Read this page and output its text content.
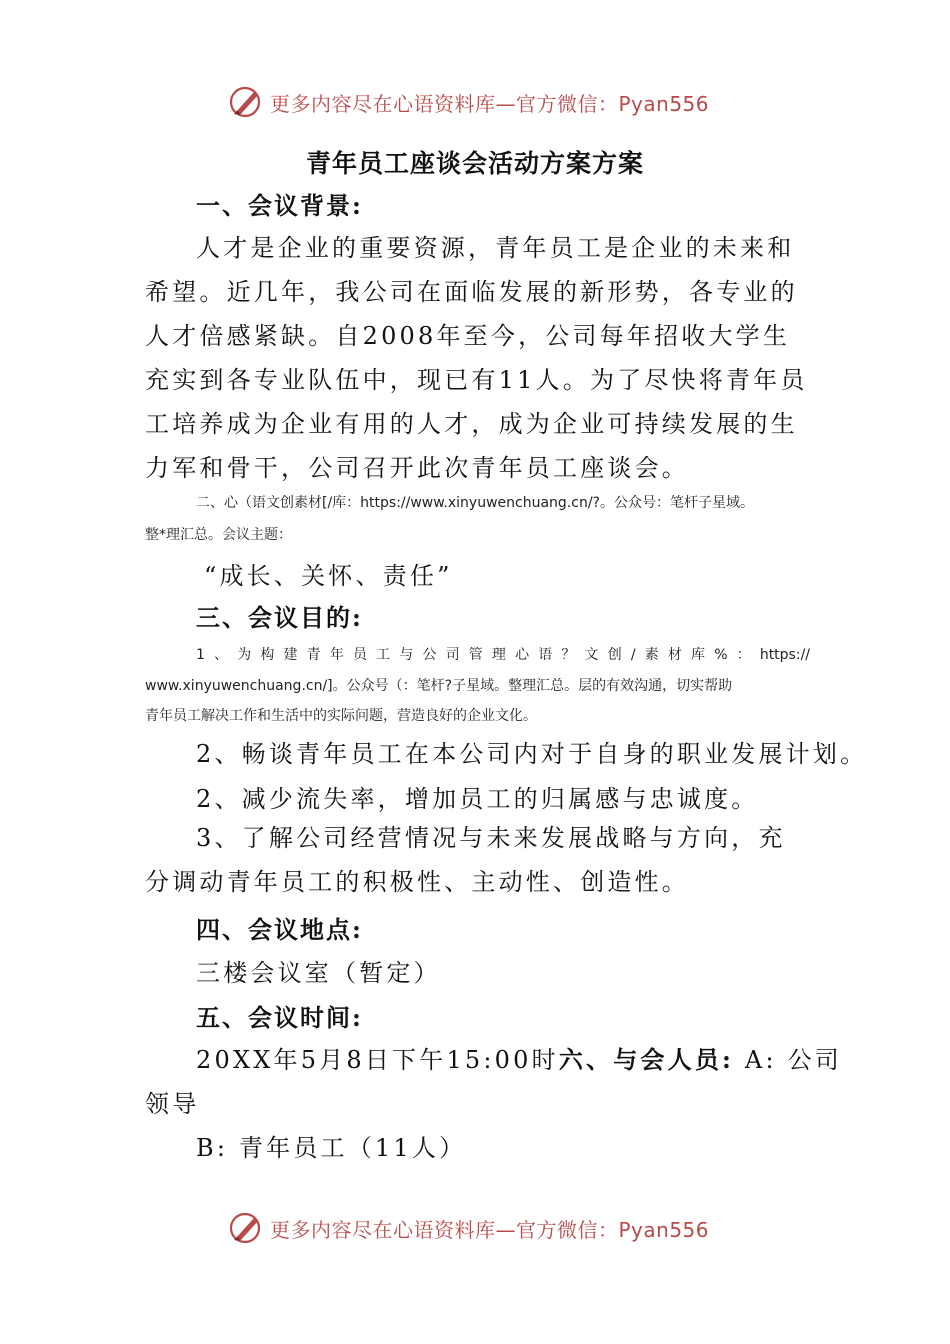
更多内容尽在心语资料库—官方微信：Pyan556
青年员工座谈会活动方案方案
一、会议背景:
人才是企业的重要资源，青年员工是企业的未来和希望。近几年，我公司在面临发展的新形势，各专业的人才倍感紧缺。自2008年至今，公司每年招收大学生充实到各专业队伍中，现已有11人。为了尽快将青年员工培养成为企业有用的人才，成为企业可持续发展的生力军和骨干，公司召开此次青年员工座谈会。
二、心（语文创素材[/库：https://www.xinyuwenchuang.cn/?。公众号：笔杆子星域。
整*理汇总。会议主题：
“成长、关怀、责任”
三、会议目的:
1、为构建青年员工与公司管理心语？文创/素材库%：https://
www.xinyuwenchuang.cn/]。公众号（：笔杆?子星域。整理汇总。层的有效沟通，切实帮助
青年员工解决工作和生活中的实际问题，营造良好的企业文化。
2、畅谈青年员工在本公司内对于自身的职业发展计划。
2、减少流失率，增加员工的归属感与忠诚度。
3、了解公司经营情况与未来发展战略与方向，充分调动青年员工的积极性、主动性、创造性。
四、会议地点:
三楼会议室（暂定）
五、会议时间:
20XX年5月8日下午15:00时六、与会人员: A: 公司
领导
B: 青年员工（11人）
更多内容尽在心语资料库—官方微信：Pyan556
